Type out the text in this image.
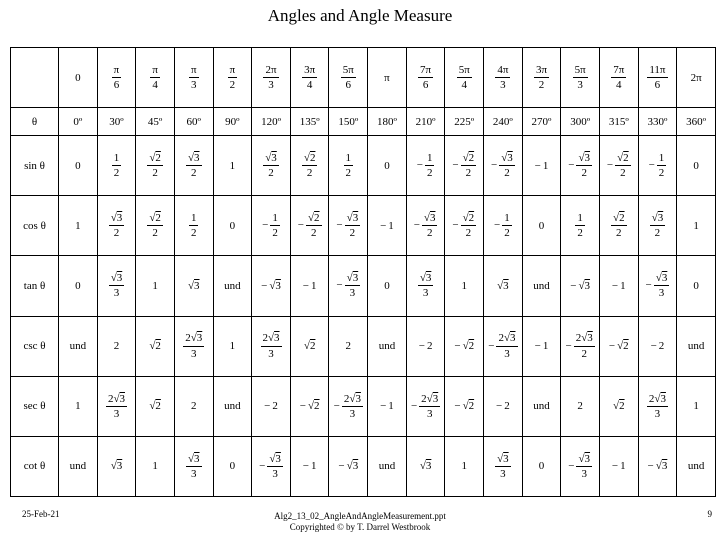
Angles and Angle Measure
	0	$\frac{\pi}{6}$	$\frac{\pi}{4}$	$\frac{\pi}{3}$	$\frac{\pi}{2}$	$\frac{2\pi}{3}$	$\frac{3\pi}{4}$	$\frac{5\pi}{6}$	π	$\frac{7\pi}{6}$	$\frac{5\pi}{4}$	$\frac{4\pi}{3}$	$\frac{3\pi}{2}$	$\frac{5\pi}{3}$	$\frac{7\pi}{4}$	$\frac{11\pi}{6}$	2π
θ	0º	30º	45º	60º	90º	120º	135º	150º	180º	210º	225º	240º	270º	300º	315º	330º	360º
sin θ	0	$\frac{1}{2}$	$\frac{√2}{2}$	$\frac{√3}{2}$	1	$\frac{√3}{2}$	$\frac{√2}{2}$	$\frac{1}{2}$	0	− $\frac{1}{2}$	− $\frac{√2}{2}$	− $\frac{√3}{2}$	− 1	− $\frac{√3}{2}$	− $\frac{√2}{2}$	− $\frac{1}{2}$	0
cos θ	1	$\frac{√3}{2}$	$\frac{√2}{2}$	$\frac{1}{2}$	0	− $\frac{1}{2}$	− $\frac{√2}{2}$	− $\frac{√3}{2}$	− 1	− $\frac{√3}{2}$	− $\frac{√2}{2}$	− $\frac{1}{2}$	0	$\frac{1}{2}$	$\frac{√2}{2}$	$\frac{√3}{2}$	1
tan θ	0	$\frac{√3}{3}$	1	√3	und	− √3	− 1	− $\frac{√3}{3}$	0	$\frac{√3}{3}$	1	√3	und	− √3	− 1	− $\frac{√3}{3}$	0
csc θ	und	2	√2	$\frac{2√3}{3}$	1	$\frac{2√3}{3}$	√2	2	und	− 2	− √2	− $\frac{2√3}{3}$	− 1	− $\frac{2√3}{2}$	− √2	− 2	und
sec θ	1	$\frac{2√3}{3}$	√2	2	und	− 2	− √2	− $\frac{2√3}{3}$	− 1	− $\frac{2√3}{3}$	− √2	− 2	und	2	√2	$\frac{2√3}{3}$	1
cot θ	und	√3	1	$\frac{√3}{3}$	0	− $\frac{√3}{3}$	− 1	− √3	und	√3	1	$\frac{√3}{3}$	0	− $\frac{√3}{3}$	− 1	− √3	und
25-Feb-21	Alg2_13_02_AngleAndAngleMeasurement.ppt
Copyrighted © by T. Darrel Westbrook
9
